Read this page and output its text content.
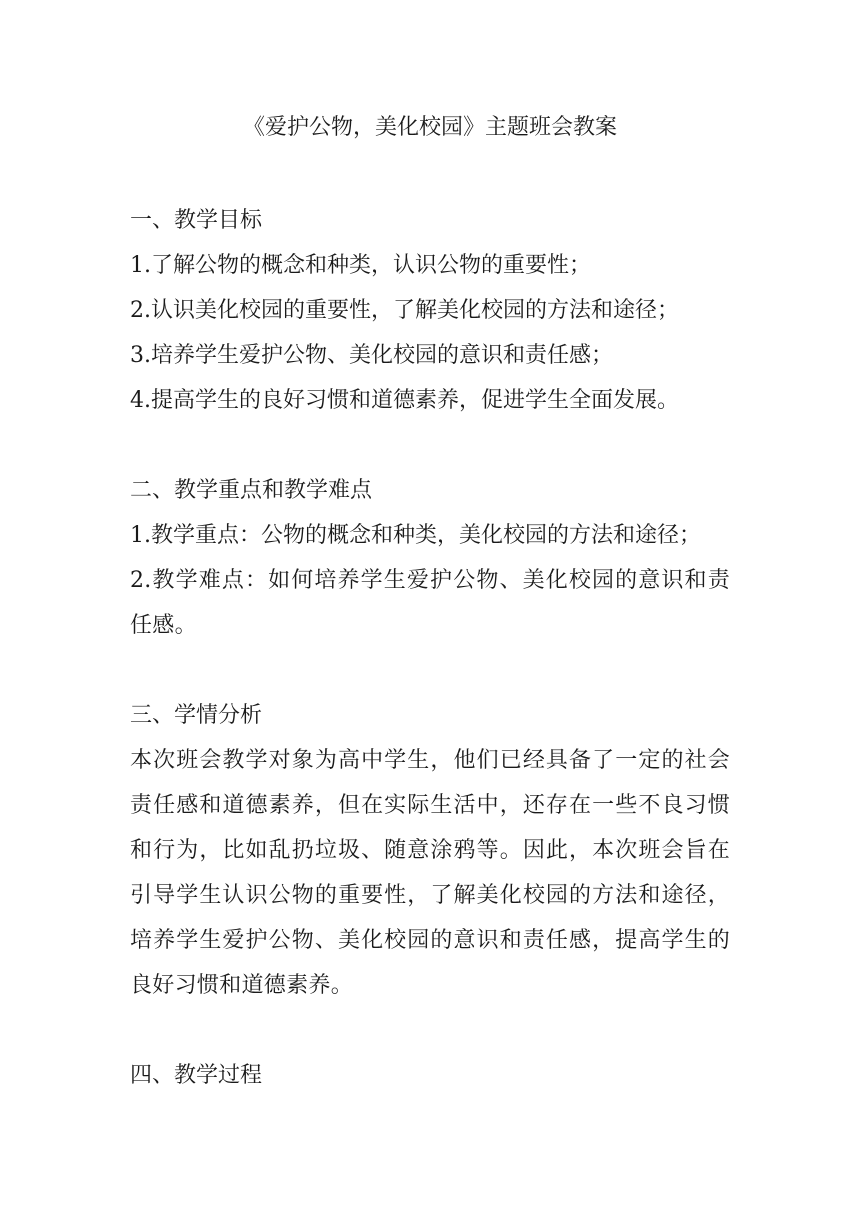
《爱护公物，美化校园》主题班会教案
一、教学目标

1.了解公物的概念和种类，认识公物的重要性；

2.认识美化校园的重要性，了解美化校园的方法和途径；

3.培养学生爱护公物、美化校园的意识和责任感；

4.提高学生的良好习惯和道德素养，促进学生全面发展。

二、教学重点和教学难点

1.教学重点：公物的概念和种类，美化校园的方法和途径；

2.教学难点：如何培养学生爱护公物、美化校园的意识和责任感。

三、学情分析

本次班会教学对象为高中学生，他们已经具备了一定的社会责任感和道德素养，但在实际生活中，还存在一些不良习惯和行为，比如乱扔垃圾、随意涂鸦等。因此，本次班会旨在引导学生认识公物的重要性，了解美化校园的方法和途径，培养学生爱护公物、美化校园的意识和责任感，提高学生的良好习惯和道德素养。

四、教学过程
